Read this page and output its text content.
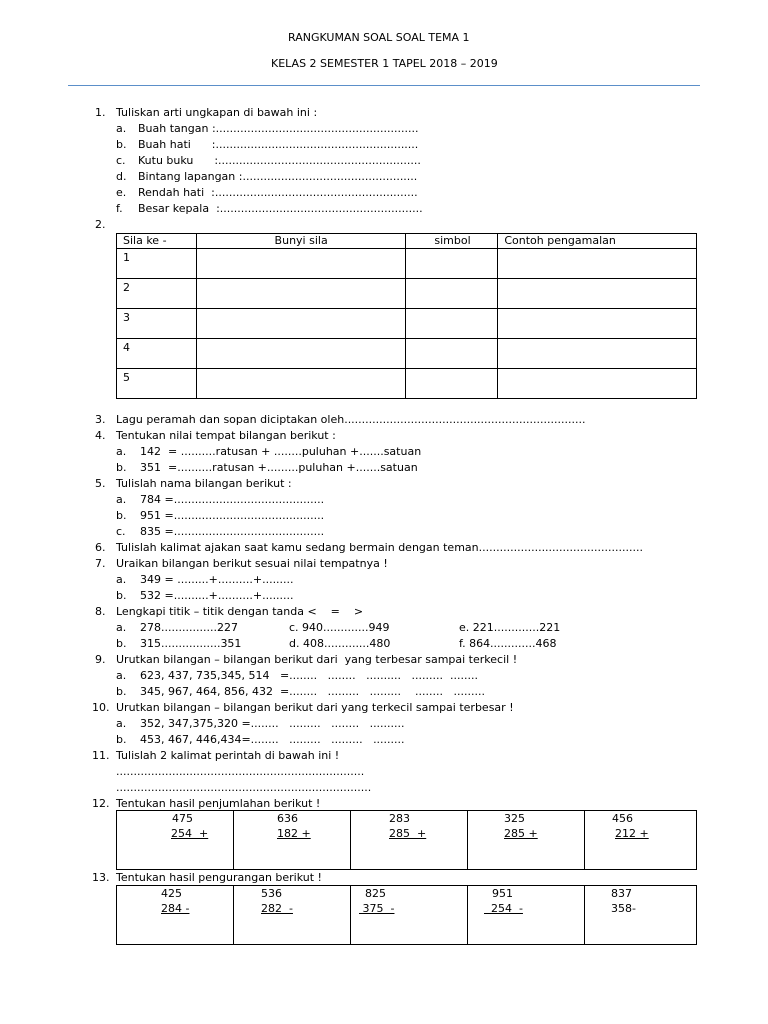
RANGKUMAN SOAL SOAL TEMA 1
KELAS 2 SEMESTER 1 TAPEL 2018 – 2019
1. Tuliskan arti ungkapan di bawah ini :
a. Buah tangan :..........................................................
b. Buah hati      :..........................................................
c. Kutu buku      :..........................................................
d. Bintang lapangan :..................................................
e. Rendah hati  :..........................................................
f. Besar kepala  :..........................................................
2.
Sila ke -	Bunyi sila	simbol	Contoh pengamalan
1			
2			
3			
4			
5			
3. Lagu peramah dan sopan diciptakan oleh.....................................................................
4. Tentukan nilai tempat bilangan berikut :
a. 142  = ..........ratusan + ........puluhan +.......satuan
b. 351  =..........ratusan +.........puluhan +.......satuan
5. Tulislah nama bilangan berikut :
a. 784 =...........................................
b. 951 =...........................................
c. 835 =...........................................
6. Tulislah kalimat ajakan saat kamu sedang bermain dengan teman...............................................
7. Uraikan bilangan berikut sesuai nilai tempatnya !
a. 349 = .........+..........+.........
b. 532 =..........+..........+.........
8. Lengkapi titik – titik dengan tanda <    =    >
a. 278................227	c. 940.............949	e. 221.............221
b. 315.................351	d. 408.............480	f. 864.............468
9. Urutkan bilangan – bilangan berikut dari  yang terbesar sampai terkecil !
a. 623, 437, 735,345, 514   =........   ........   ..........   .........  ........
b. 345, 967, 464, 856, 432  =........   .........   .........    ........   .........
10. Urutkan bilangan – bilangan berikut dari yang terkecil sampai terbesar !
a. 352, 347,375,320 =........   .........   ........   ..........
b. 453, 467, 446,434=........   .........   .........   .........
11. Tulislah 2 kalimat perintah di bawah ini !
.......................................................................
.........................................................................
12. Tentukan hasil penjumlahan berikut !
475
254  +

636
182 +

283
285  +

325
285 +

456
212 +
13. Tentukan hasil pengurangan berikut !
425
284 -

536
282  -

825
375  -

951
254  -

837
358-
